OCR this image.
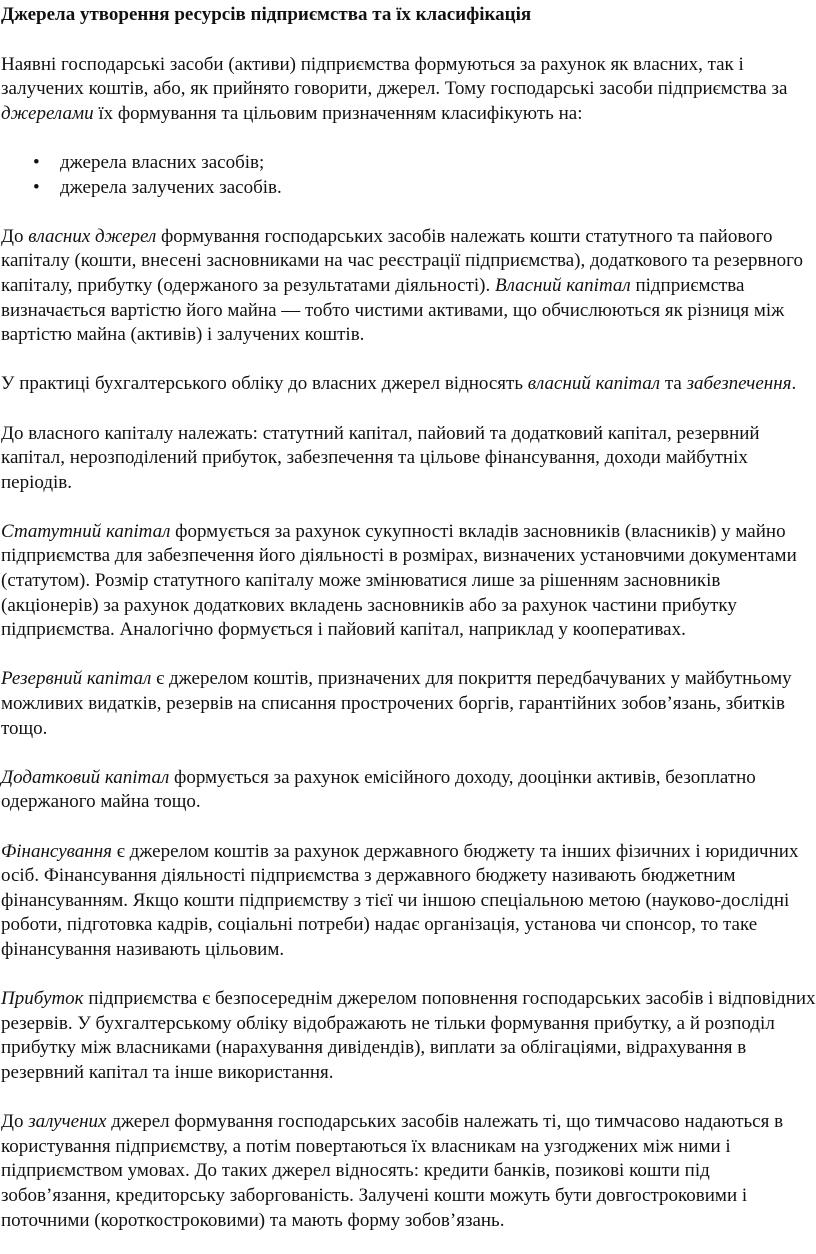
Джерела утворення ресурсів підприємства та їх класифікація

Наявні господарські засоби (активи) підприємства формуються за рахунок як власних, так і залучених коштів, або, як прийнято говорити, джерел. Тому господарські засоби підприємства за джерелами їх формування та цільовим призначенням класифікують на:

• джерела власних засобів;
• джерела залучених засобів.

До власних джерел формування господарських засобів належать кошти статутного та пайового капіталу (кошти, внесені засновниками на час реєстрації підприємства), додаткового та резервного капіталу, прибутку (одержаного за результатами діяльності). Власний капітал підприємства визначається вартістю його майна — тобто чистими активами, що обчислюються як різниця між вартістю майна (активів) і залучених коштів.

У практиці бухгалтерського обліку до власних джерел відносять власний капітал та забезпечення.

До власного капіталу належать: статутний капітал, пайовий та додатковий капітал, резервний капітал, нерозподілений прибуток, забезпечення та цільове фінансування, доходи майбутніх періодів.

Статутний капітал формується за рахунок сукупності вкладів засновників (власників) у майно підприємства для забезпечення його діяльності в розмірах, визначених установчими документами (статутом). Розмір статутного капіталу може змінюватися лише за рішенням засновників (акціонерів) за рахунок додаткових вкладень засновників або за рахунок частини прибутку підприємства. Аналогічно формується і пайовий капітал, наприклад у кооперативах.

Резервний капітал є джерелом коштів, призначених для покриття передбачуваних у майбутньому можливих видатків, резервів на списання прострочених боргів, гарантійних зобов’язань, збитків тощо.

Додатковий капітал формується за рахунок емісійного доходу, дооцінки активів, безоплатно одержаного майна тощо.

Фінансування є джерелом коштів за рахунок державного бюджету та інших фізичних і юридичних осіб. Фінансування діяльності підприємства з державного бюджету називають бюджетним фінансуванням. Якщо кошти підприємству з тієї чи іншою спеціальною метою (науково-дослідні роботи, підготовка кадрів, соціальні потреби) надає організація, установа чи спонсор, то таке фінансування називають цільовим.

Прибуток підприємства є безпосереднім джерелом поповнення господарських засобів і відповідних резервів. У бухгалтерському обліку відображають не тільки формування прибутку, а й розподіл прибутку між власниками (нарахування дивідендів), виплати за облігаціями, відрахування в резервний капітал та інше використання.

До залучених джерел формування господарських засобів належать ті, що тимчасово надаються в користування підприємству, а потім повертаються їх власникам на узгоджених між ними і підприємством умовах. До таких джерел відносять: кредити банків, позикові кошти під зобов’язання, кредиторську заборгованість. Залучені кошти можуть бути довгостроковими і поточними (короткостроковими) та мають форму зобов’язань.
